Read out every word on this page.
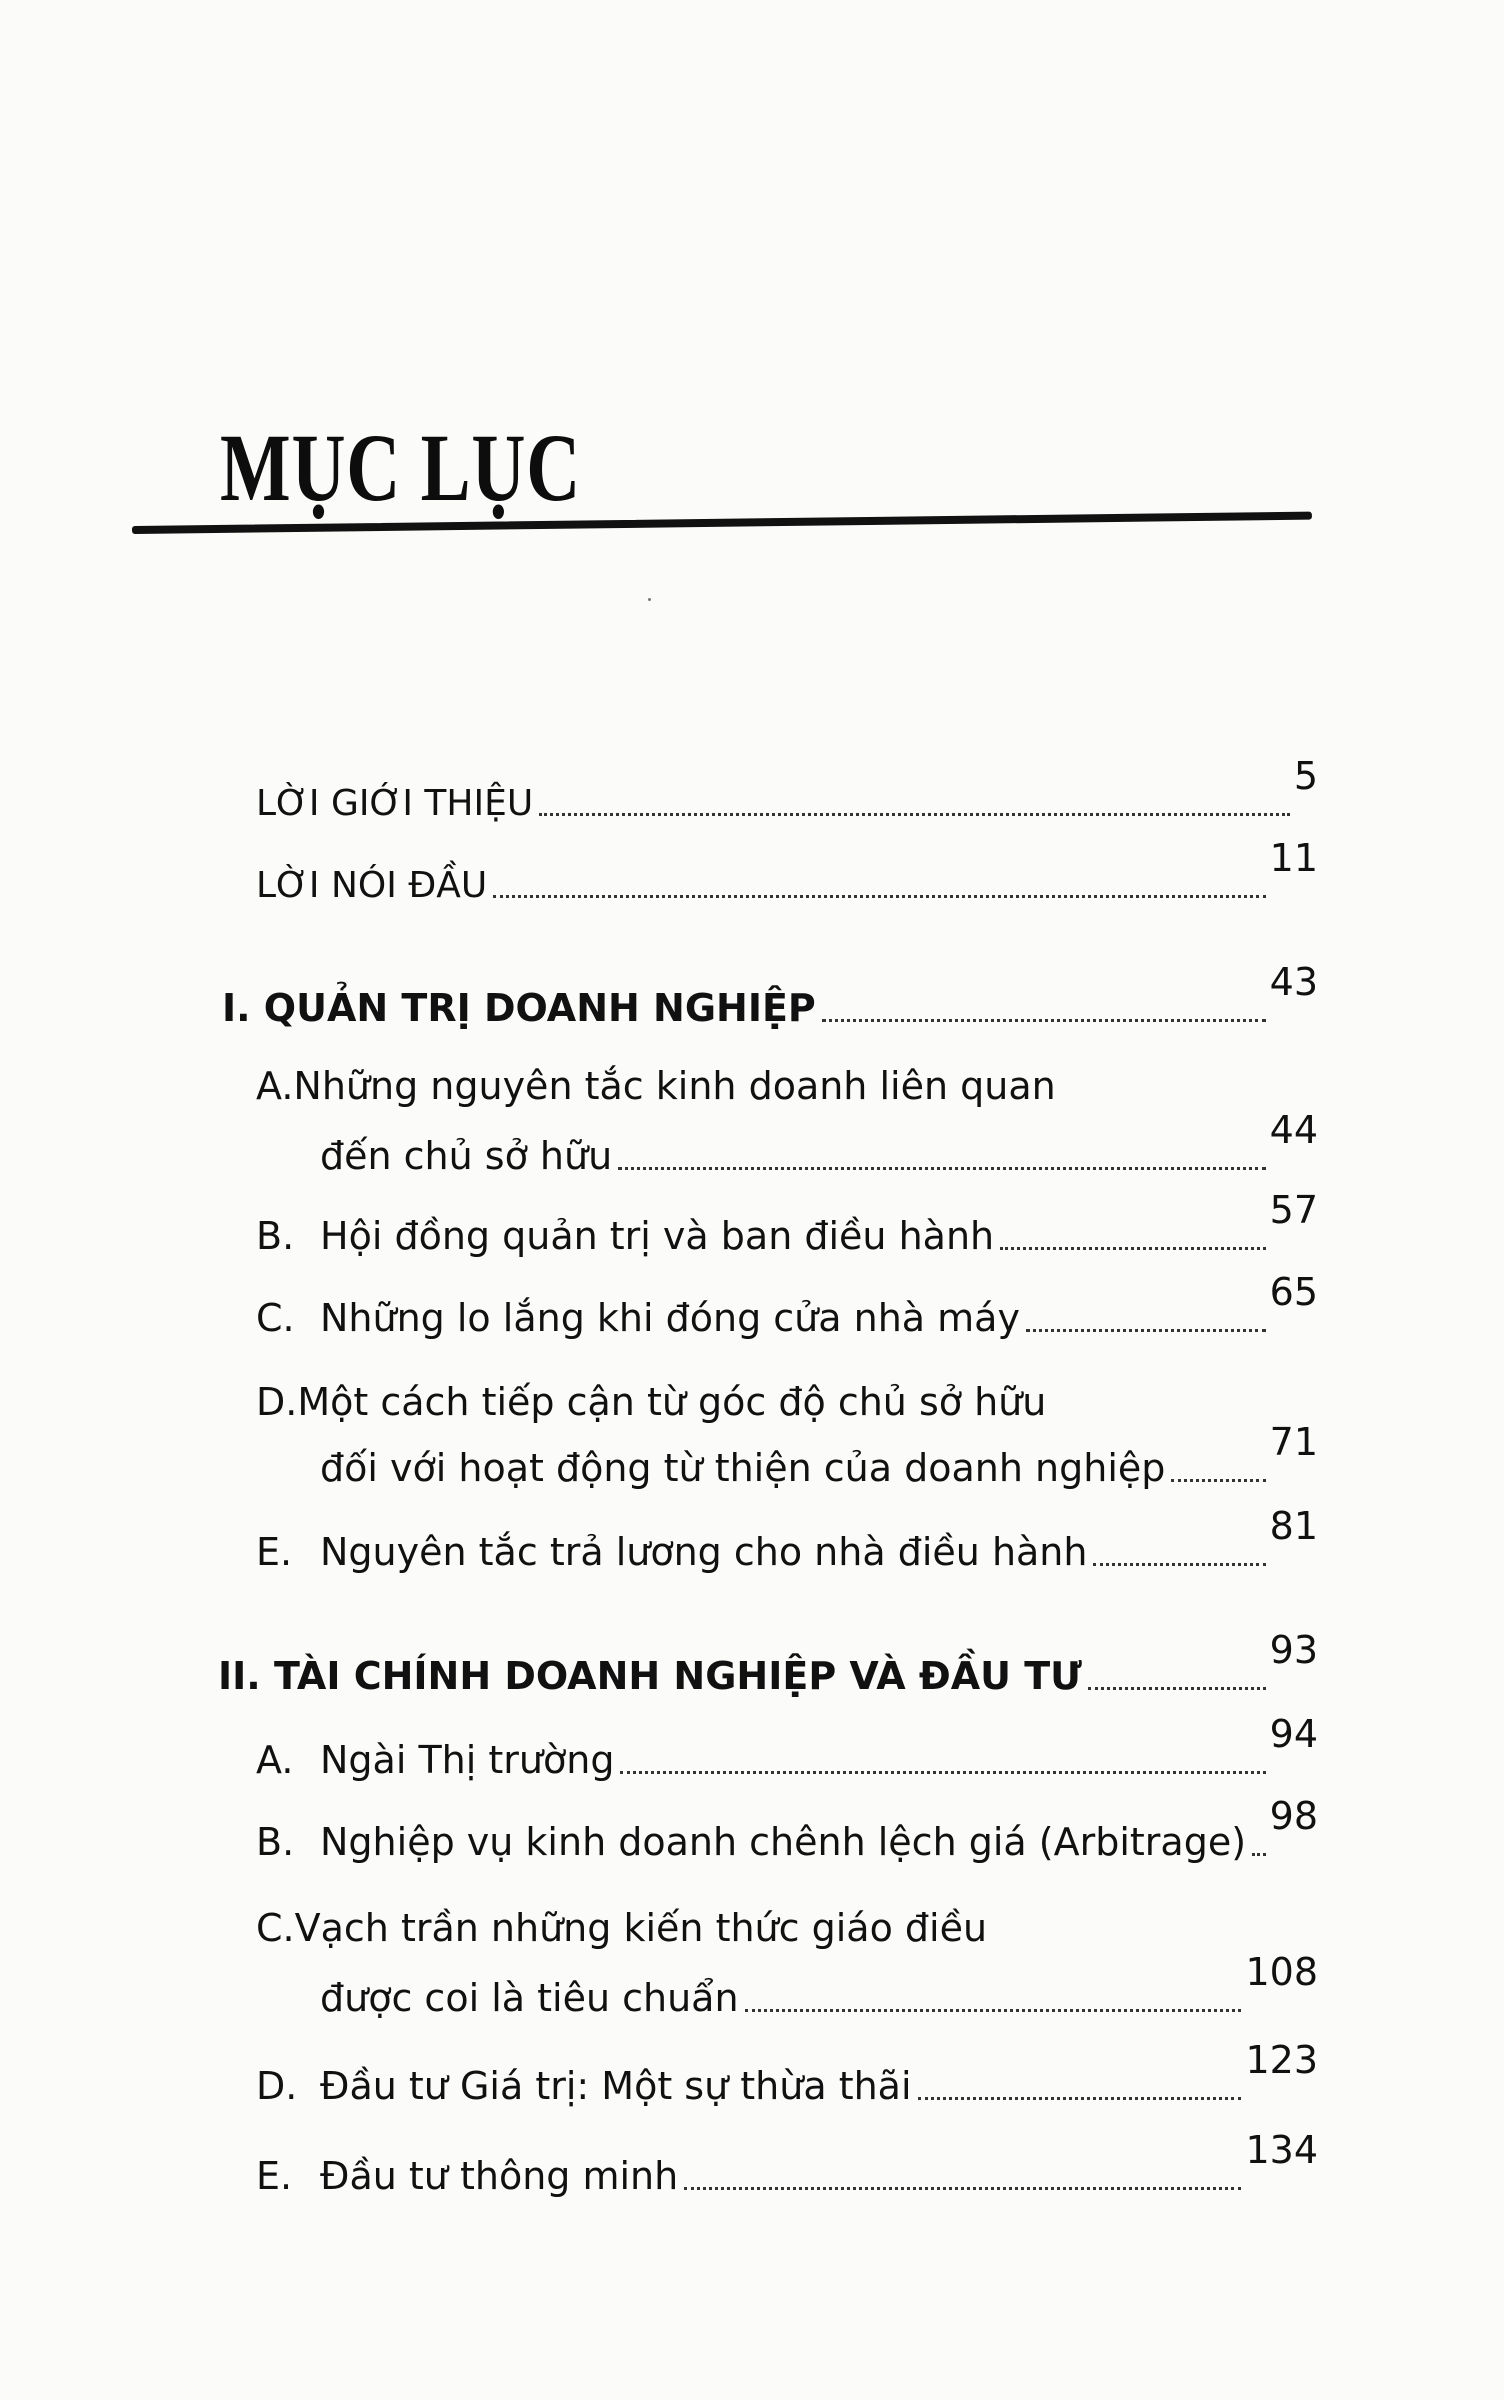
MỤC LỤC
LỜI GIỚI THIỆU
5
LỜI NÓI ĐẦU
11
I. QUẢN TRỊ DOANH NGHIỆP
43
A.Những nguyên tắc kinh doanh liên quan
đến chủ sở hữu
44
B. Hội đồng quản trị và ban điều hành
57
C. Những lo lắng khi đóng cửa nhà máy
65
D.Một cách tiếp cận từ góc độ chủ sở hữu
đối với hoạt động từ thiện của doanh nghiệp
71
E. Nguyên tắc trả lương cho nhà điều hành
81
II. TÀI CHÍNH DOANH NGHIỆP VÀ ĐẦU TƯ
93
A. Ngài Thị trường
94
B. Nghiệp vụ kinh doanh chênh lệch giá (Arbitrage)
98
C.Vạch trần những kiến thức giáo điều
được coi là tiêu chuẩn
108
D. Đầu tư Giá trị: Một sự thừa thãi
123
E. Đầu tư thông minh
134
